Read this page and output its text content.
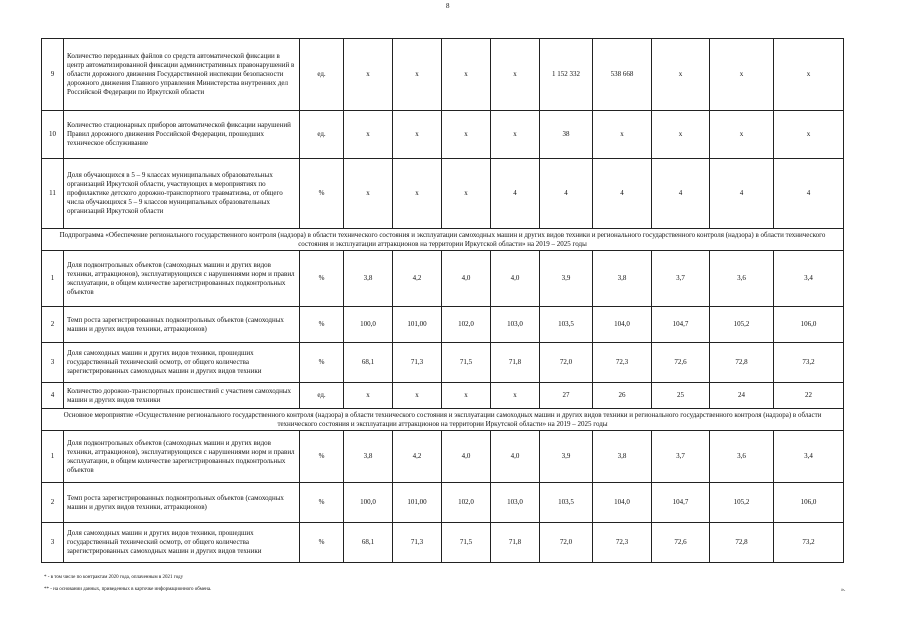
8
9	Количество переданных файлов со средств автоматической фиксации в центр автоматизированной фиксации административных правонарушений в области дорожного движения Государственной инспекции безопасности дорожного движения Главного управления Министерства внутренних дел Российской Федерации по Иркутской области	ед.	х	х	х	х	1 152 332	538 668	х	х	х
10	Количество стационарных приборов автоматической фиксации нарушений Правил дорожного движения Российской Федерации, прошедших техническое обслуживание	ед.	х	х	х	х	38	х	х	х	х
11	Доля обучающихся в 5 – 9 классах муниципальных образовательных организаций Иркутской области, участвующих в мероприятиях по профилактике детского дорожно-транспортного травматизма, от общего числа обучающихся 5 – 9 классов муниципальных образовательных организаций Иркутской области	%	х	х	х	4	4	4	4	4	4
Подпрограмма «Обеспечение регионального государственного контроля (надзора) в области технического состояния и эксплуатации самоходных машин и других видов техники и регионального государственного контроля (надзора) в области технического состояния и эксплуатации аттракционов на территории Иркутской области» на 2019 – 2025 годы											
1	Доля подконтрольных объектов (самоходных машин и других видов техники, аттракционов), эксплуатирующихся с нарушениями норм и правил эксплуатации, в общем количестве зарегистрированных подконтрольных объектов	%	3,8	4,2	4,0	4,0	3,9	3,8	3,7	3,6	3,4
2	Темп роста зарегистрированных подконтрольных объектов (самоходных машин и других видов техники, аттракционов)	%	100,0	101,00	102,0	103,0	103,5	104,0	104,7	105,2	106,0
3	Доля самоходных машин и других видов техники, прошедших государственный технический осмотр, от общего количества зарегистрированных самоходных машин и других видов техники	%	68,1	71,3	71,5	71,8	72,0	72,3	72,6	72,8	73,2
4	Количество дорожно-транспортных происшествий с участием самоходных машин и других видов техники	ед.	х	х	х	х	27	26	25	24	22
Основное мероприятие «Осуществление регионального государственного контроля (надзора) в области технического состояния и эксплуатации самоходных машин и других видов техники и регионального государственного контроля (надзора) в области технического состояния и эксплуатации аттракционов на территории Иркутской области» на 2019 – 2025 годы											
1	Доля подконтрольных объектов (самоходных машин и других видов техники, аттракционов), эксплуатирующихся с нарушениями норм и правил эксплуатации, в общем количестве зарегистрированных подконтрольных объектов	%	3,8	4,2	4,0	4,0	3,9	3,8	3,7	3,6	3,4
2	Темп роста зарегистрированных подконтрольных объектов (самоходных машин и других видов техники, аттракционов)	%	100,0	101,00	102,0	103,0	103,5	104,0	104,7	105,2	106,0
3	Доля самоходных машин и других видов техники, прошедших государственный технический осмотр, от общего количества зарегистрированных самоходных машин и других видов техники	%	68,1	71,3	71,5	71,8	72,0	72,3	72,6	72,8	73,2
* - в том числе по контрактам 2020 года, оплаченным в 2021 году
** - на основании данных, приведенных в карточке информационного обмена.	».
